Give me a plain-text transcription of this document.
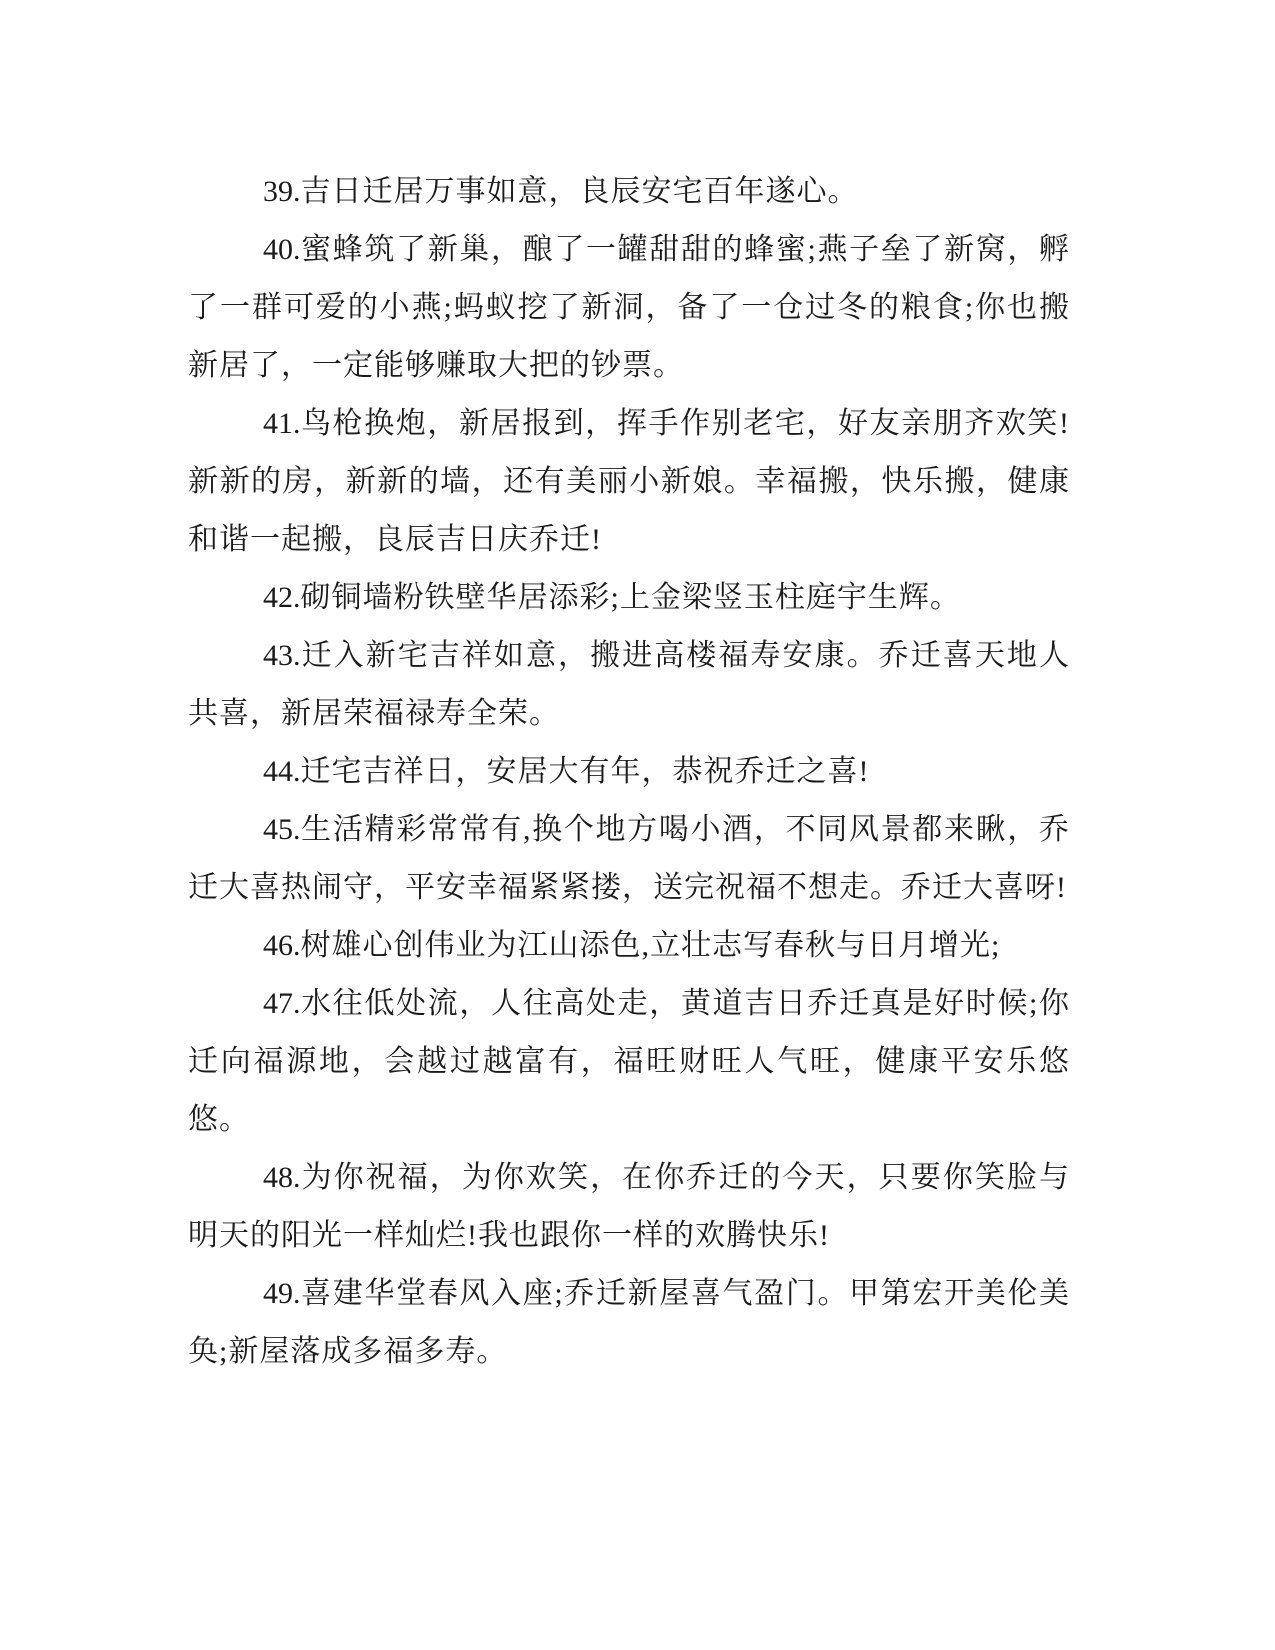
39.吉日迁居万事如意，良辰安宅百年遂心。

40.蜜蜂筑了新巢，酿了一罐甜甜的蜂蜜;燕子垒了新窝，孵了一群可爱的小燕;蚂蚁挖了新洞，备了一仓过冬的粮食;你也搬新居了，一定能够赚取大把的钞票。

41.鸟枪换炮，新居报到，挥手作别老宅，好友亲朋齐欢笑!新新的房，新新的墙，还有美丽小新娘。幸福搬，快乐搬，健康和谐一起搬，良辰吉日庆乔迁!

42.砌铜墙粉铁壁华居添彩;上金梁竖玉柱庭宇生辉。

43.迁入新宅吉祥如意，搬进高楼福寿安康。乔迁喜天地人共喜，新居荣福禄寿全荣。

44.迁宅吉祥日，安居大有年，恭祝乔迁之喜!

45.生活精彩常常有,换个地方喝小酒，不同风景都来瞅，乔迁大喜热闹守，平安幸福紧紧搂，送完祝福不想走。乔迁大喜呀!

46.树雄心创伟业为江山添色,立壮志写春秋与日月增光;

47.水往低处流，人往高处走，黄道吉日乔迁真是好时候;你迁向福源地，会越过越富有，福旺财旺人气旺，健康平安乐悠悠。

48.为你祝福，为你欢笑，在你乔迁的今天，只要你笑脸与明天的阳光一样灿烂!我也跟你一样的欢腾快乐!

49.喜建华堂春风入座;乔迁新屋喜气盈门。甲第宏开美伦美奂;新屋落成多福多寿。
